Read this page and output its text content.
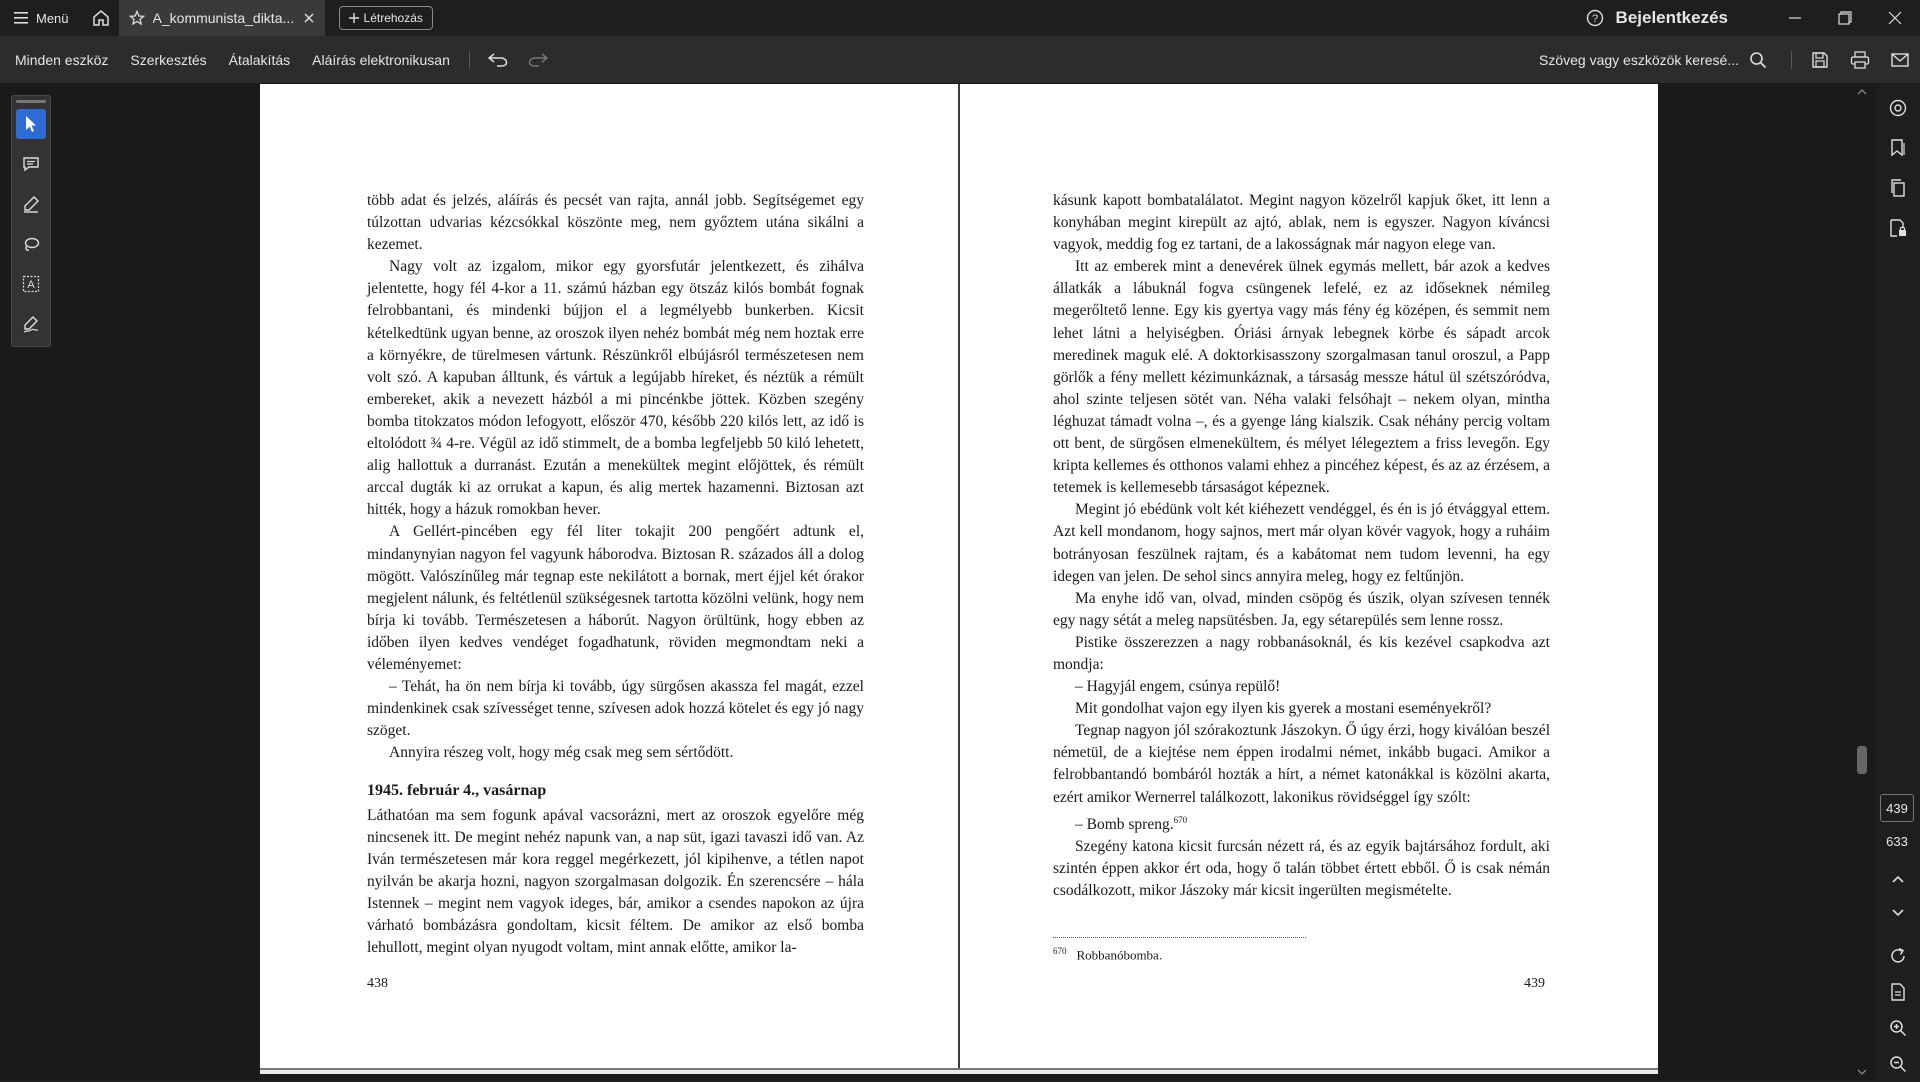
Menü	A_kommunista_dikta...	Létrehozás	? Bejelentkezés
Minden eszköz	Szerkesztés	Átalakítás	Aláírás elektronikusan	Szöveg vagy eszközök keresé...
A

több adat és jelzés, aláírás és pecsét van rajta, annál jobb. Segítségemet egy túlzottan udvarias kézcsókkal köszönte meg, nem győztem utána sikálni a kezemet.

Nagy volt az izgalom, mikor egy gyorsfutár jelentkezett, és zihálva jelentette, hogy fél 4-kor a 11. számú házban egy ötszáz kilós bombát fognak felrobbantani, és mindenki bújjon el a legmélyebb bunkerben. Kicsit kételkedtünk ugyan benne, az oroszok ilyen nehéz bombát még nem hoztak erre a környékre, de türelmesen vártunk. Részünkről elbújásról természetesen nem volt szó. A kapuban álltunk, és vártuk a legújabb híreket, és néztük a rémült embereket, akik a nevezett házból a mi pincénkbe jöttek. Közben szegény bomba titokzatos módon lefogyott, először 470, később 220 kilós lett, az idő is eltolódott ¾ 4-re. Végül az idő stimmelt, de a bomba legfeljebb 50 kiló lehetett, alig hallottuk a durranást. Ezután a menekültek megint előjöttek, és rémült arccal dugták ki az orrukat a kapun, és alig mertek hazamenni. Biztosan azt hitték, hogy a házuk romokban hever.

A Gellért-pincében egy fél liter tokajit 200 pengőért adtunk el, mindanynyian nagyon fel vagyunk háborodva. Biztosan R. százados áll a dolog mögött. Valószínűleg már tegnap este nekilátott a bornak, mert éjjel két órakor megjelent nálunk, és feltétlenül szükségesnek tartotta közölni velünk, hogy nem bírja ki tovább. Természetesen a háborút. Nagyon örültünk, hogy ebben az időben ilyen kedves vendéget fogadhatunk, röviden megmondtam neki a véleményemet:

– Tehát, ha ön nem bírja ki tovább, úgy sürgősen akassza fel magát, ezzel mindenkinek csak szívességet tenne, szívesen adok hozzá kötelet és egy jó nagy szöget.

Annyira részeg volt, hogy még csak meg sem sértődött.

1945. február 4., vasárnap

Láthatóan ma sem fogunk apával vacsorázni, mert az oroszok egyelőre még nincsenek itt. De megint nehéz napunk van, a nap süt, igazi tavaszi idő van. Az Iván természetesen már kora reggel megérkezett, jól kipihenve, a tétlen napot nyilván be akarja hozni, nagyon szorgalmasan dolgozik. Én szerencsére – hála Istennek – megint nem vagyok ideges, bár, amikor a csendes napokon az újra várható bombázásra gondoltam, kicsit féltem. De amikor az első bomba lehullott, megint olyan nyugodt voltam, mint annak előtte, amikor la-

438

kásunk kapott bombatalálatot. Megint nagyon közelről kapjuk őket, itt lenn a konyhában megint kirepült az ajtó, ablak, nem is egyszer. Nagyon kíváncsi vagyok, meddig fog ez tartani, de a lakosságnak már nagyon elege van.

Itt az emberek mint a denevérek ülnek egymás mellett, bár azok a kedves állatkák a lábuknál fogva csüngenek lefelé, ez az időseknek némileg megerőltető lenne. Egy kis gyertya vagy más fény ég középen, és semmit nem lehet látni a helyiségben. Óriási árnyak lebegnek körbe és sápadt arcok meredinek maguk elé. A doktorkisasszony szorgalmasan tanul oroszul, a Papp görlők a fény mellett kézimunkáznak, a társaság messze hátul ül szétszóródva, ahol szinte teljesen sötét van. Néha valaki felsóhajt – nekem olyan, mintha léghuzat támadt volna –, és a gyenge láng kialszik. Csak néhány percig voltam ott bent, de sürgősen elmenekültem, és mélyet lélegeztem a friss levegőn. Egy kripta kellemes és otthonos valami ehhez a pincéhez képest, és az az érzésem, a tetemek is kellemesebb társaságot képeznek.

Megint jó ebédünk volt két kiéhezett vendéggel, és én is jó étvággyal ettem. Azt kell mondanom, hogy sajnos, mert már olyan kövér vagyok, hogy a ruháim botrányosan feszülnek rajtam, és a kabátomat nem tudom levenni, ha egy idegen van jelen. De sehol sincs annyira meleg, hogy ez feltűnjön.

Ma enyhe idő van, olvad, minden csöpög és úszik, olyan szívesen tennék egy nagy sétát a meleg napsütésben. Ja, egy sétarepülés sem lenne rossz.

Pistike összerezzen a nagy robbanásoknál, és kis kezével csapkodva azt mondja:

– Hagyjál engem, csúnya repülő!

Mit gondolhat vajon egy ilyen kis gyerek a mostani eseményekről?

Tegnap nagyon jól szórakoztunk Jászokyn. Ő úgy érzi, hogy kiválóan beszél németül, de a kiejtése nem éppen irodalmi német, inkább bugaci. Amikor a felrobbantandó bombáról hozták a hírt, a német katonákkal is közölni akarta, ezért amikor Wernerrel találkozott, lakonikus rövidséggel így szólt:

– Bomb spreng.$^{670}$

Szegény katona kicsit furcsán nézett rá, és az egyik bajtársához fordult, aki szintén éppen akkor ért oda, hogy ő talán többet értett ebből. Ő is csak némán csodálkozott, mikor Jászoky már kicsit ingerülten megismételte.

$^{670}$ Robbanóbomba.
439
439
633
